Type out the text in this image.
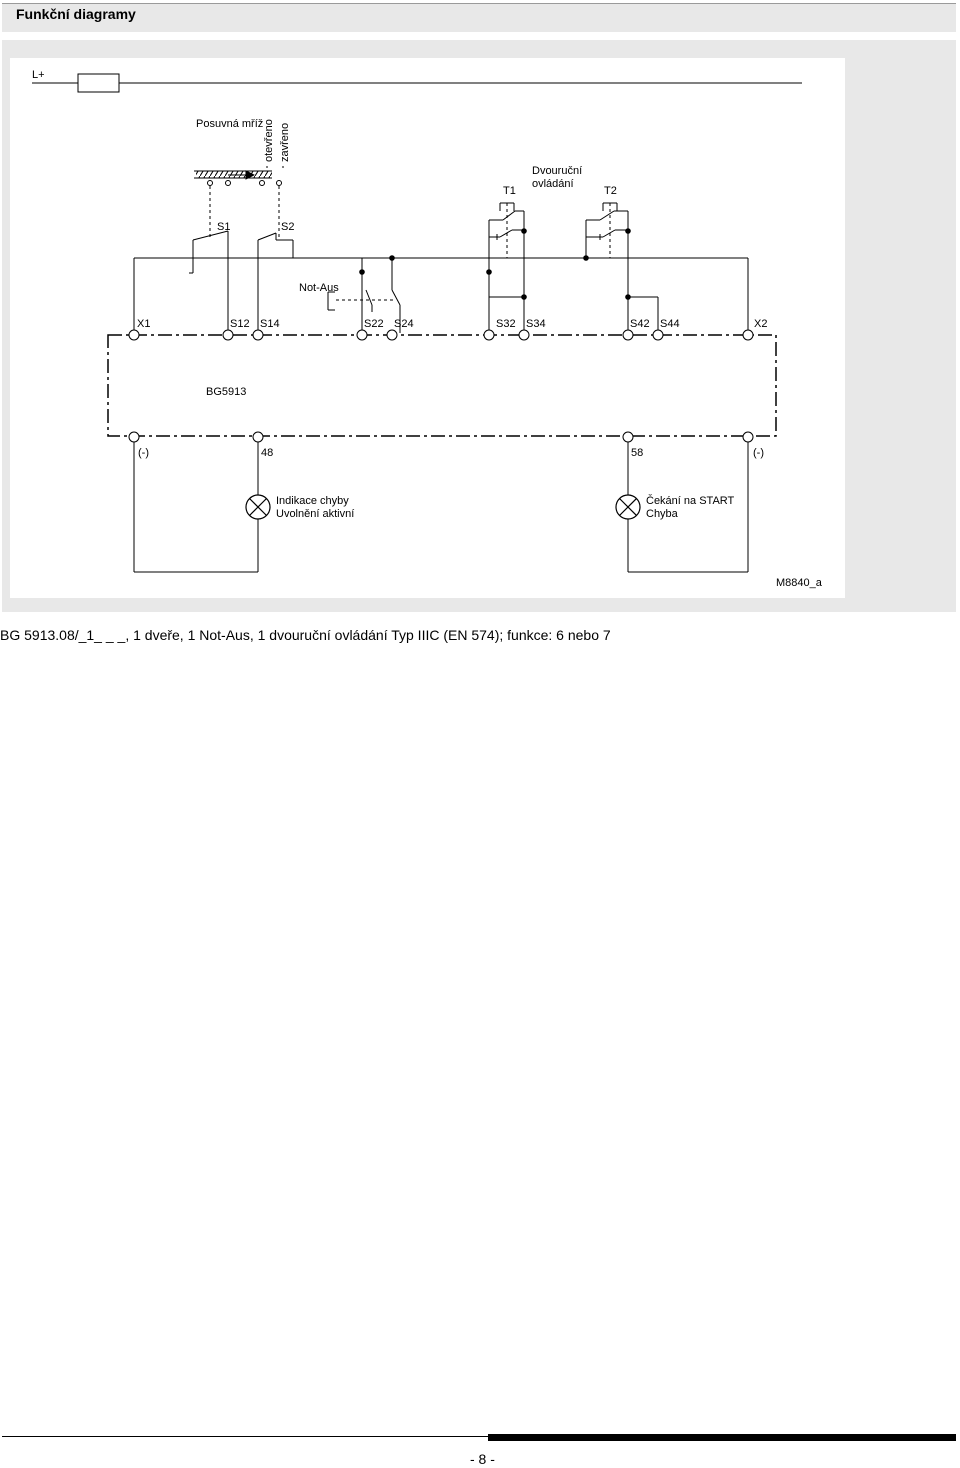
Funkční diagramy
L+
Posuvná mříž otevřeno zavřeno
S1	S2
Not-Aus
Dvouruční
ovládání
T1	T2
BG5913
X1	S12 S14	S22 S24	S32 S34	S42 S44	X2
(-)	48	58	(-)
Indikace chyby
Uvolnění aktivní
Čekání na START
Chyba
M8840_a
BG 5913.08/_1_ _ _, 1 dveře, 1 Not-Aus, 1 dvouruční ovládání Typ IIIC (EN 574); funkce: 6 nebo 7
- 8 -
